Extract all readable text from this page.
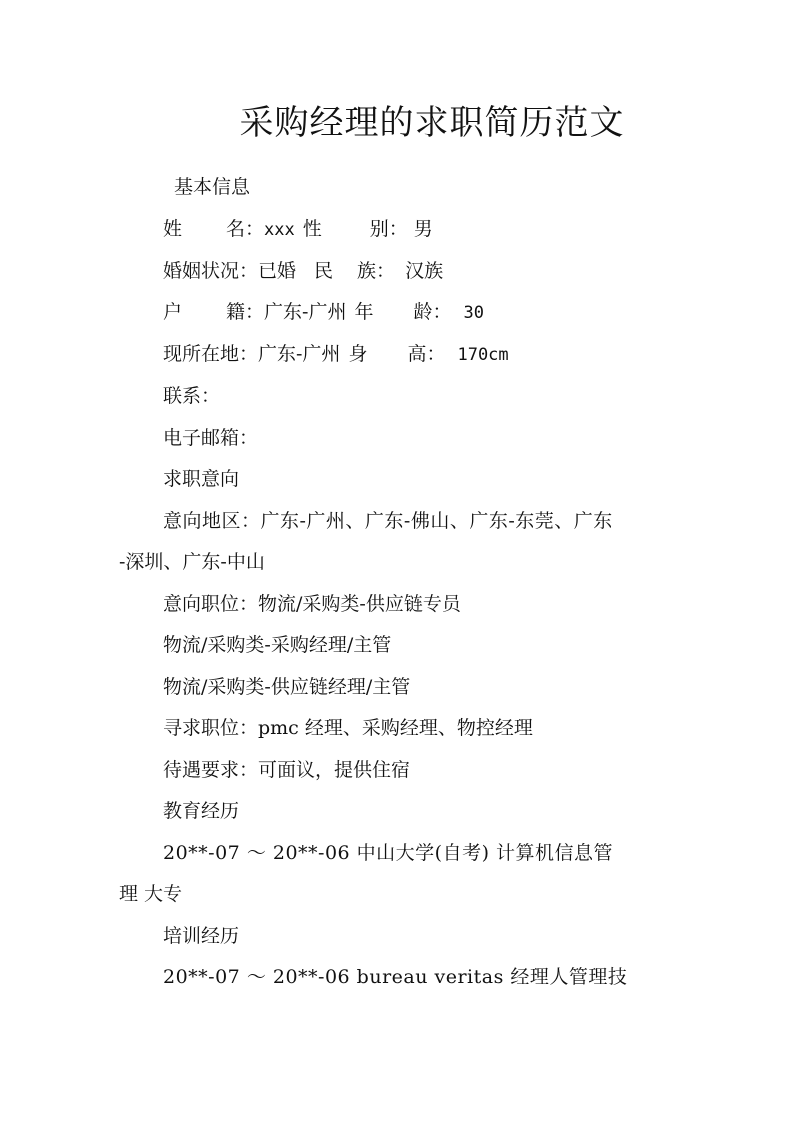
采购经理的求职简历范文
基本信息
姓 名：xxx 性	别： 男
婚姻状况：已婚 民 族： 汉族
户 籍：广东-广州 年 龄： 30
现所在地：广东-广州 身 高： 170cm
联系：
电子邮箱：
求职意向
意向地区：广东-广州、广东-佛山、广东-东莞、广东
-深圳、广东-中山
意向职位：物流/采购类-供应链专员
物流/采购类-采购经理/主管
物流/采购类-供应链经理/主管
寻求职位：pmc 经理、采购经理、物控经理
待遇要求：可面议，提供住宿
教育经历
20**-07 ～ 20**-06 中山大学(自考) 计算机信息管
理 大专
培训经历
20**-07 ～ 20**-06 bureau veritas 经理人管理技
